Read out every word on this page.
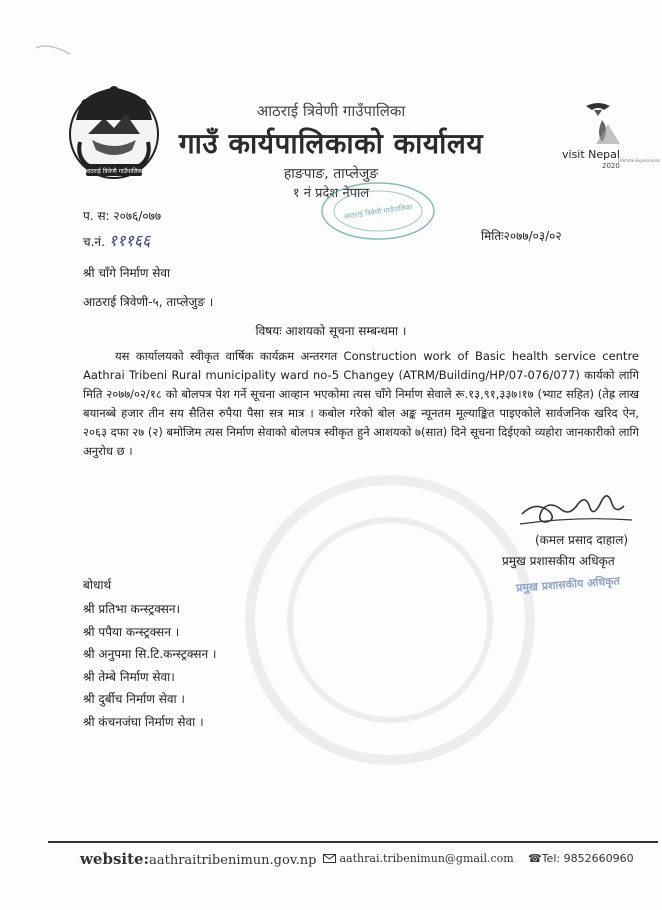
आठराई त्रिवेणी गाउँपालिका
आठराई त्रिवेणी गाउँपालिका
गाउँ कार्यपालिकाको कार्यालय
हाङपाङ, ताप्लेजुङ
१ नं प्रदेश नेपाल
visit Nepal
2020
Lifetime Experiences
आठराई त्रिवेणी गाउँपालिका
प. स: २०७६/०७७
च.नं. १११६६	मितिः२०७७/०३/०२
श्री चाँगे निर्माण सेवा
आठराई त्रिवेणी-५, ताप्लेजुङ ।
विषयः आशयको सूचना सम्बन्धमा ।
यस कार्यालयको स्वीकृत वार्षिक कार्यक्रम अन्तरगत Construction work of Basic health service centre Aathrai Tribeni Rural municipality ward no-5 Changey (ATRM/Building/HP/07-076/077) कार्यको लागि मिति २०७७/०२/१८ को बोलपत्र पेश गर्ने सूचना आव्हान भएकोमा त्यस चाँगे निर्माण सेवाले रू.१३,९१,३३७।१७ (भ्याट सहित) (तेह्र लाख बयानब्बे हजार तीन सय सैतिस रुपैया पैसा सत्र मात्र । कबोल गरेको बोल अङ्क न्यूनतम मूल्याङ्कित पाइएकोले सार्वजनिक खरिद ऐन, २०६३ दफा २७ (२) बमोजिम त्यस निर्माण सेवाको बोलपत्र स्वीकृत हुने आशयको ७(सात) दिने सूचना दिईएको व्यहोरा जानकारीको लागि अनुरोध छ ।
(कमल प्रसाद दाहाल)
प्रमुख प्रशासकीय अधिकृत
प्रमुख प्रशासकीय अधिकृत
बोधार्थ
श्री प्रतिभा कन्स्ट्रक्सन।
श्री पपैया कन्स्ट्रक्सन ।
श्री अनुपमा सि.टि.कन्स्ट्रक्सन ।
श्री तेम्बे निर्माण सेवा।
श्री दुर्बीच निर्माण सेवा ।
श्री कंचनजंघा निर्माण सेवा ।
website:aathraitribenimun.gov.np	aathrai.tribenimun@gmail.com ☎Tel: 9852660960
